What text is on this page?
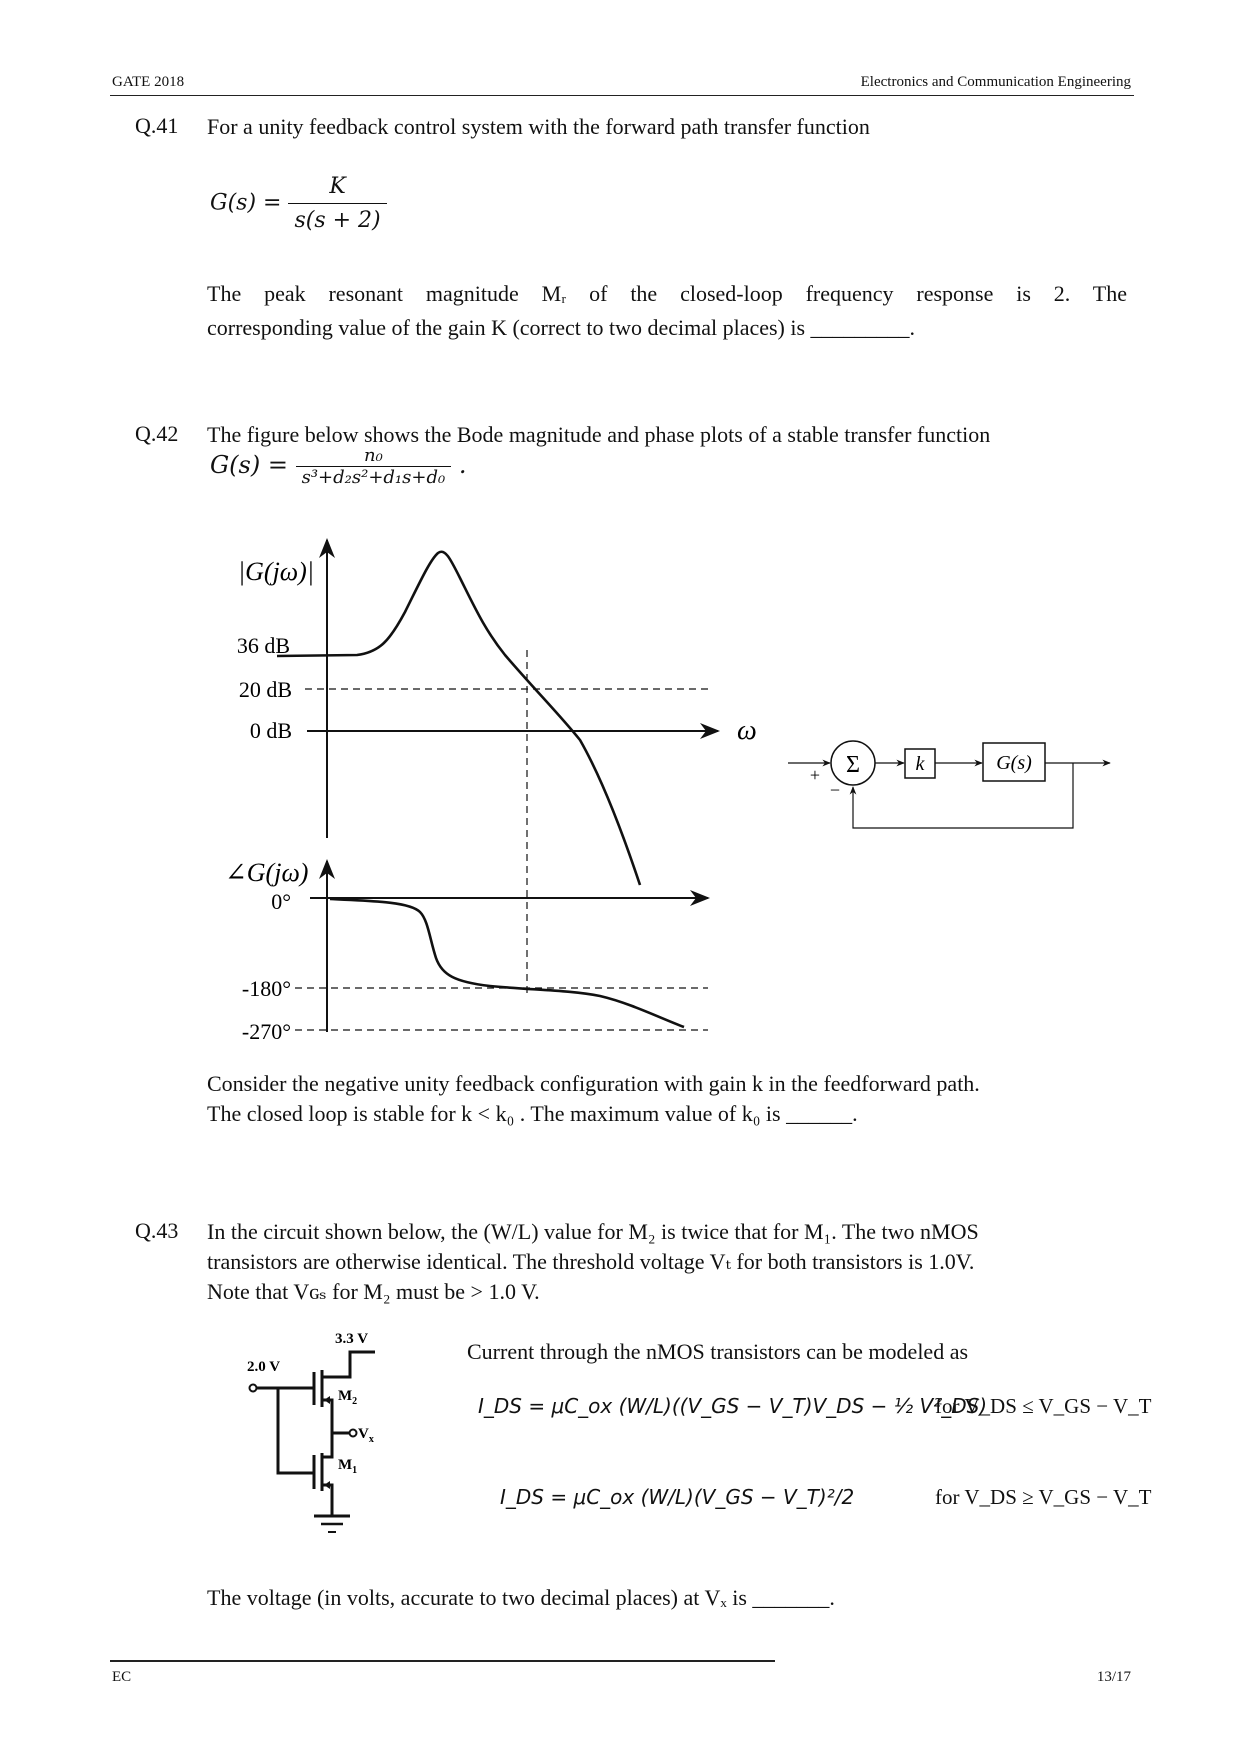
GATE 2018	Electronics and Communication Engineering
Q.41 For a unity feedback control system with the forward path transfer function
$G(s) = \frac{K}{s(s + 2)}$
The peak resonant magnitude Mᵣ of the closed-loop frequency response is 2. The
corresponding value of the gain K (correct to two decimal places) is _________.
Q.42 The figure below shows the Bode magnitude and phase plots of a stable transfer function
$G(s) = \frac{\text{n₀}}{\text{s³+d₂s²+d₁s+d₀}}$ .
|G(jω)|
36 dB
20 dB
0 dB	ω
∠G(jω)
0°
-180°
-270°
Σ	k	G(s)
+
−
Consider the negative unity feedback configuration with gain k in the feedforward path.
The closed loop is stable for k < k₀ . The maximum value of k₀ is ______.
Q.43 In the circuit shown below, the (W/L) value for M₂ is twice that for M₁. The two nMOS
transistors are otherwise identical. The threshold voltage Vₜ for both transistors is 1.0V.
Note that Vɢₛ for M₂ must be > 1.0 V.
3.3 V
2.0 V
$M_2$
$M_1$
$V_x$
Current through the nMOS transistors can be modeled as
I_DS = μC_ox (W/L)((V_GS − V_T)V_DS − ½ V²_DS)
for V_DS ≤ V_GS − V_T
I_DS = μC_ox (W/L)(V_GS − V_T)²/2	for V_DS ≥ V_GS − V_T
The voltage (in volts, accurate to two decimal places) at Vₓ is _______.
EC	13/17
